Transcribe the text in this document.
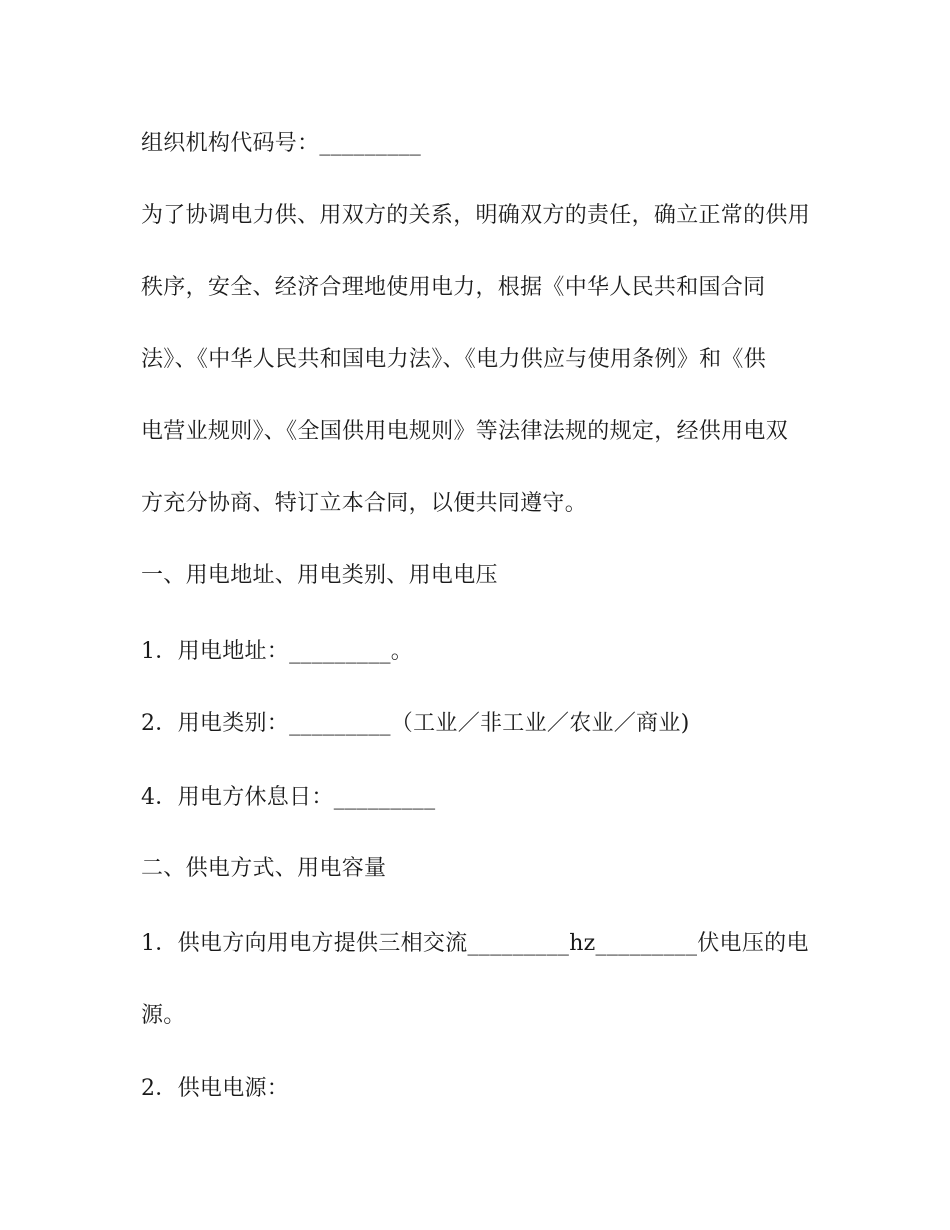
组织机构代码号：_________
为了协调电力供、用双方的关系，明确双方的责任，确立正常的供用
秩序，安全、经济合理地使用电力，根据《中华人民共和国合同
法》、《中华人民共和国电力法》、《电力供应与使用条例》和《供
电营业规则》、《全国供用电规则》等法律法规的规定，经供用电双
方充分协商、特订立本合同，以便共同遵守。
一、用电地址、用电类别、用电电压
1．用电地址：_________。
2．用电类别：_________（工业／非工业／农业／商业)
4．用电方休息日：_________
二、供电方式、用电容量
1．供电方向用电方提供三相交流_________hz_________伏电压的电
源。
2．供电电源：
